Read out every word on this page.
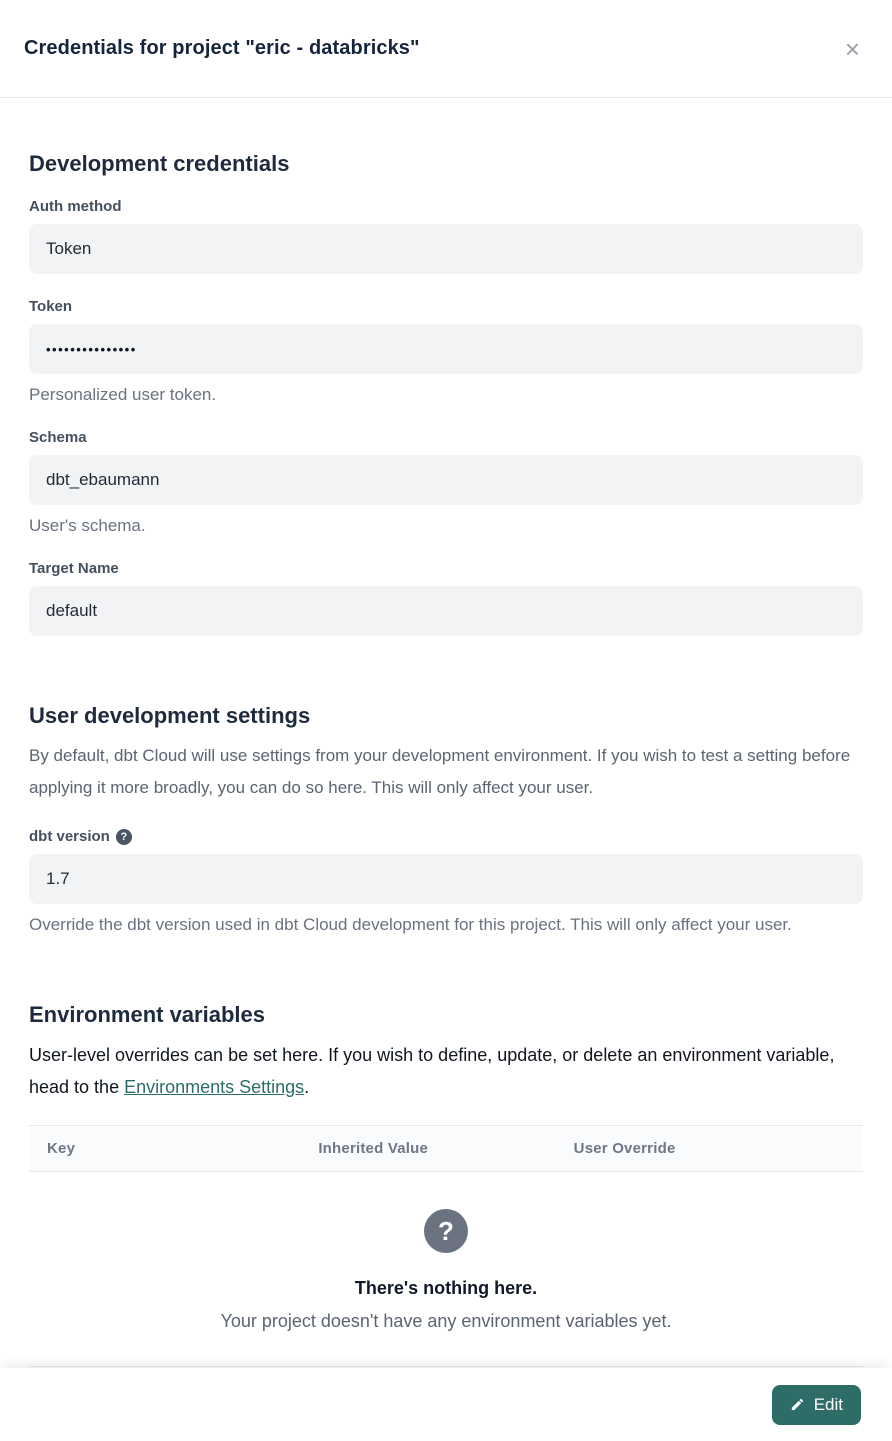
Credentials for project "eric - databricks"	×
Development credentials
Auth method
Token
Token
•••••••••••••••
Personalized user token.
Schema
dbt_ebaumann
User's schema.
Target Name
default
User development settings

By default, dbt Cloud will use settings from your development environment. If you wish to test a setting before applying it more broadly, you can do so here. This will only affect your user.

dbt version ?
1.7
Override the dbt version used in dbt Cloud development for this project. This will only affect your user.
Environment variables

User-level overrides can be set here. If you wish to define, update, or delete an environment variable, head to the Environments Settings.

Key	Inherited Value	User Override
?
There's nothing here.
Your project doesn't have any environment variables yet.
Edit
